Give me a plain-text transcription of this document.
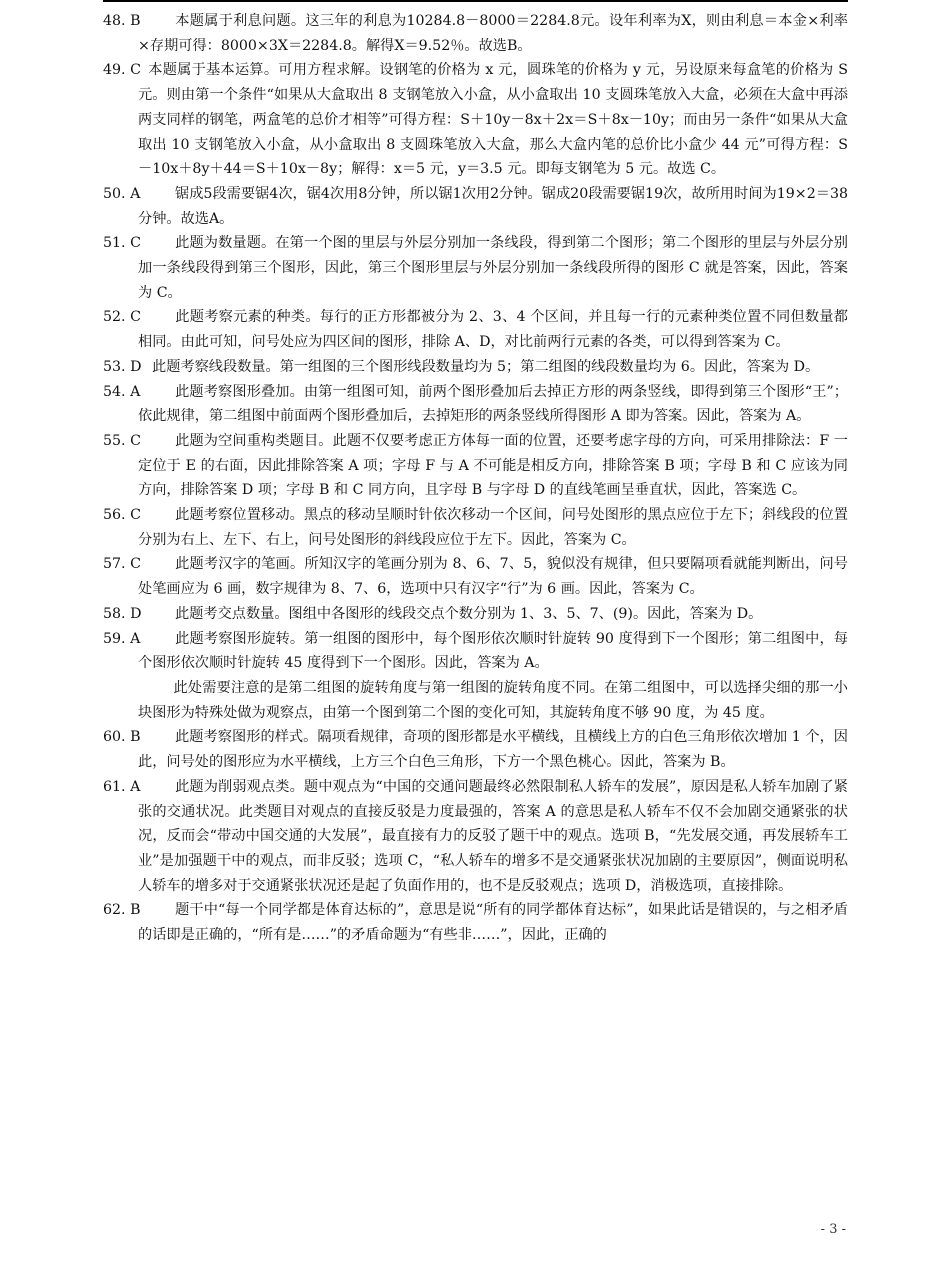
48. B 本题属于利息问题。这三年的利息为10284.8－8000＝2284.8元。设年利率为X，则由利息＝本金×利率×存期可得：8000×3X＝2284.8。解得X＝9.52％。故选B。
49. C 本题属于基本运算。可用方程求解。设钢笔的价格为 x 元，圆珠笔的价格为 y 元，另设原来每盒笔的价格为 S 元。则由第一个条件“如果从大盒取出 8 支钢笔放入小盒，从小盒取出 10 支圆珠笔放入大盒，必须在大盒中再添两支同样的钢笔，两盒笔的总价才相等”可得方程：S＋10y－8x＋2x＝S＋8x－10y；而由另一条件“如果从大盒取出 10 支钢笔放入小盒，从小盒取出 8 支圆珠笔放入大盒，那么大盒内笔的总价比小盒少 44 元”可得方程：S－10x＋8y＋44＝S＋10x－8y；解得：x＝5 元，y＝3.5 元。即每支钢笔为 5 元。故选 C。
50. A 锯成5段需要锯4次，锯4次用8分钟，所以锯1次用2分钟。锯成20段需要锯19次，故所用时间为19×2＝38分钟。故选A。
51. C 此题为数量题。在第一个图的里层与外层分别加一条线段，得到第二个图形；第二个图形的里层与外层分别加一条线段得到第三个图形，因此，第三个图形里层与外层分别加一条线段所得的图形 C 就是答案，因此，答案为 C。
52. C 此题考察元素的种类。每行的正方形都被分为 2、3、4 个区间，并且每一行的元素种类位置不同但数量都相同。由此可知，问号处应为四区间的图形，排除 A、D，对比前两行元素的各类，可以得到答案为 C。
53. D 此题考察线段数量。第一组图的三个图形线段数量均为 5；第二组图的线段数量均为 6。因此，答案为 D。
54. A 此题考察图形叠加。由第一组图可知，前两个图形叠加后去掉正方形的两条竖线，即得到第三个图形“王”；依此规律，第二组图中前面两个图形叠加后，去掉矩形的两条竖线所得图形 A 即为答案。因此，答案为 A。
55. C 此题为空间重构类题目。此题不仅要考虑正方体每一面的位置，还要考虑字母的方向，可采用排除法：F 一定位于 E 的右面，因此排除答案 A 项；字母 F 与 A 不可能是相反方向，排除答案 B 项；字母 B 和 C 应该为同方向，排除答案 D 项；字母 B 和 C 同方向，且字母 B 与字母 D 的直线笔画呈垂直状，因此，答案选 C。
56. C 此题考察位置移动。黑点的移动呈顺时针依次移动一个区间，问号处图形的黑点应位于左下；斜线段的位置分别为右上、左下、右上，问号处图形的斜线段应位于左下。因此，答案为 C。
57. C 此题考汉字的笔画。所知汉字的笔画分别为 8、6、7、5，貌似没有规律，但只要隔项看就能判断出，问号处笔画应为 6 画，数字规律为 8、7、6，选项中只有汉字“行”为 6 画。因此，答案为 C。
58. D 此题考交点数量。图组中各图形的线段交点个数分别为 1、3、5、7、(9)。因此，答案为 D。
59. A 此题考察图形旋转。第一组图的图形中，每个图形依次顺时针旋转 90 度得到下一个图形；第二组图中，每个图形依次顺时针旋转 45 度得到下一个图形。因此，答案为 A。
此处需要注意的是第二组图的旋转角度与第一组图的旋转角度不同。在第二组图中，可以选择尖细的那一小块图形为特殊处做为观察点，由第一个图到第二个图的变化可知，其旋转角度不够 90 度，为 45 度。
60. B 此题考察图形的样式。隔项看规律，奇项的图形都是水平横线，且横线上方的白色三角形依次增加 1 个，因此，问号处的图形应为水平横线，上方三个白色三角形，下方一个黑色桃心。因此，答案为 B。
61. A 此题为削弱观点类。题中观点为“中国的交通问题最终必然限制私人轿车的发展”，原因是私人轿车加剧了紧张的交通状况。此类题目对观点的直接反驳是力度最强的，答案 A 的意思是私人轿车不仅不会加剧交通紧张的状况，反而会“带动中国交通的大发展”，最直接有力的反驳了题干中的观点。选项 B，“先发展交通，再发展轿车工业”是加强题干中的观点，而非反驳；选项 C，“私人轿车的增多不是交通紧张状况加剧的主要原因”，侧面说明私人轿车的增多对于交通紧张状况还是起了负面作用的，也不是反驳观点；选项 D，消极选项，直接排除。
62. B 题干中“每一个同学都是体育达标的”，意思是说“所有的同学都体育达标”，如果此话是错误的，与之相矛盾的话即是正确的，“所有是……”的矛盾命题为“有些非……”，因此，正确的
- 3 -
